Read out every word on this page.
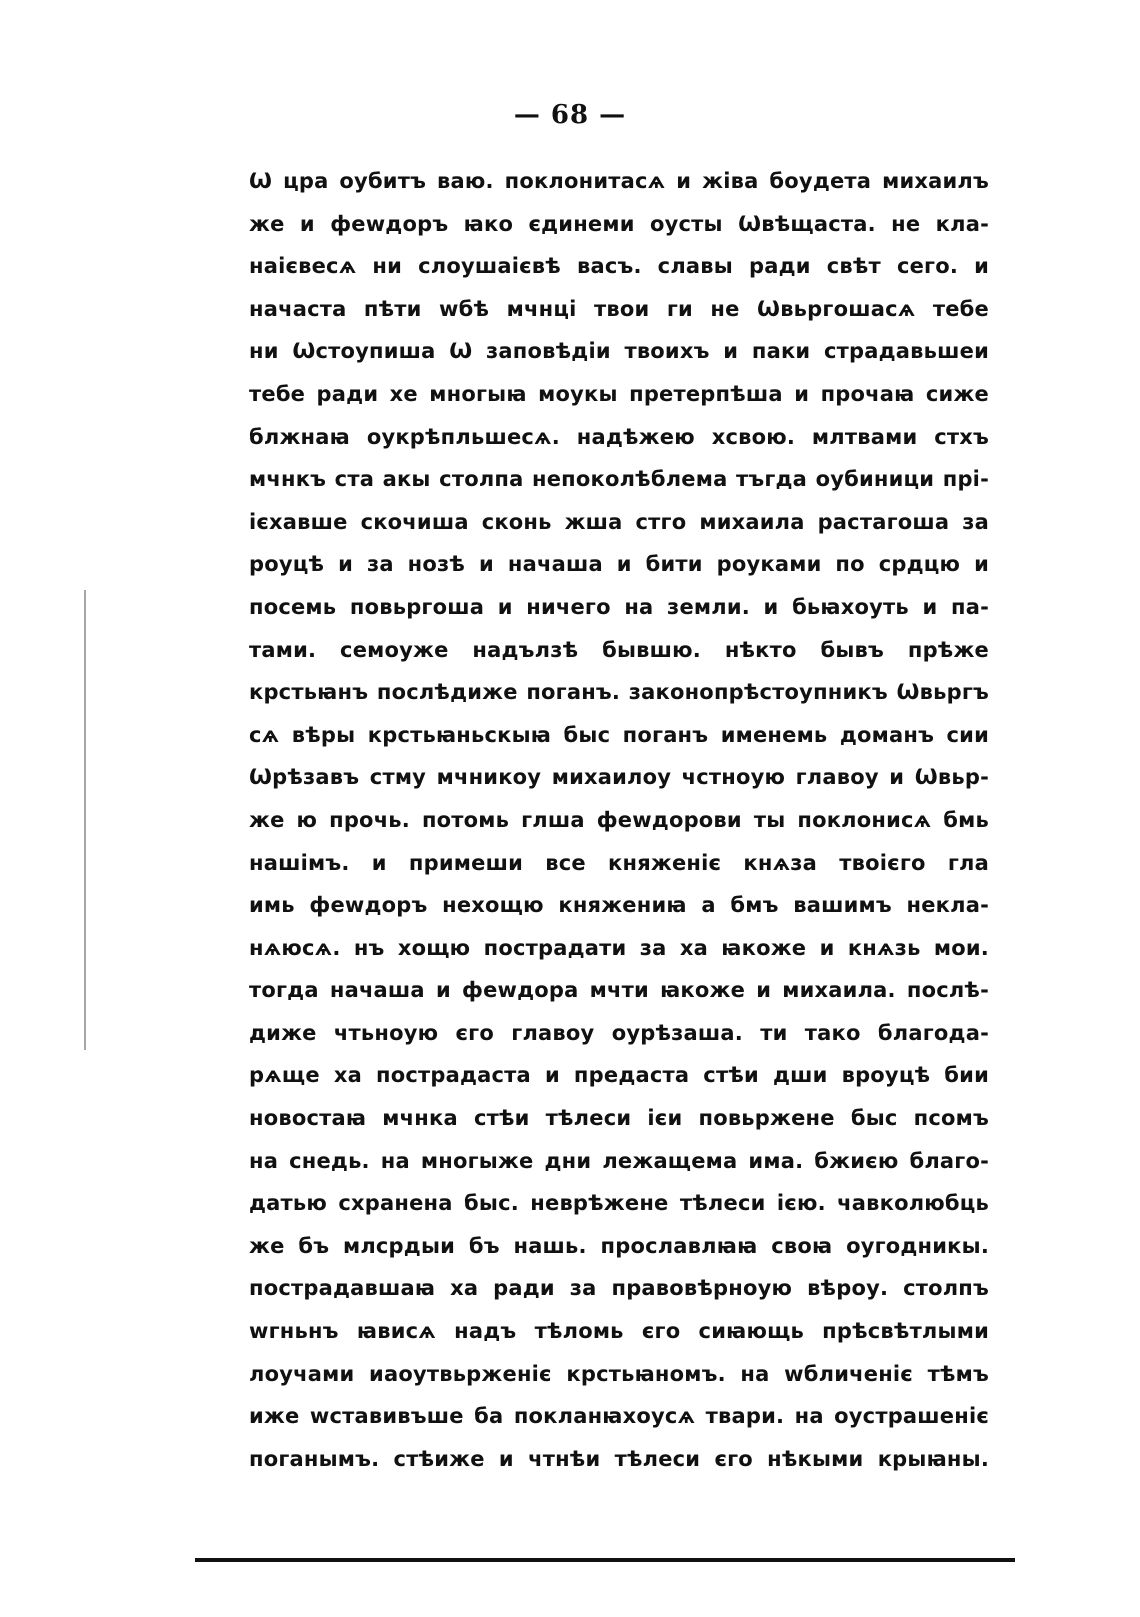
— 68 —
Ѡ цра оубитъ ваю. поклонитасѧ и жіва боудета михаилъ
же и феwдоръ ꙗко єдинеми оусты Ѡвѣщаста. не кла-
наієвесѧ ни слоушаієвѣ васъ. славы ради свѣт сего. и
начаста пѣти wбѣ мчнці твои ги не Ѡвьргошасѧ тебе
ни Ѡстоупиша Ѡ заповѣдіи твоихъ и паки страдавьшеи
тебе ради хе многыꙗ моукы претерпѣша и прочаꙗ сиже
блжнаꙗ оукрѣпльшесѧ. надѣжею хсвою. млтвами стхъ
мчнкъ ста акы столпа непоколѣблема тъгда оубиници прі-
ієхавше скочиша сконь жша стго михаила растагоша за
роуцѣ и за нозѣ и начаша и бити роуками по срдцю и
посемь повьргоша и ничего на земли. и бьꙗхоуть и па-
тами. семоуже надълзѣ бывшю. нѣкто бывъ прѣже
крстьꙗнъ послѣдиже поганъ. законопрѣстоупникъ Ѡвьргъ
сѧ вѣры крстьꙗньскыꙗ быс поганъ именемь доманъ сии
Ѡрѣзавъ стму мчникоу михаилоу чстноую главоу и Ѡвьр-
же ю прочь. потомь глша феwдорови ты поклонисѧ бмь
нашімъ. и примеши все княженіє кнѧза твоієго гла
имь феwдоръ нехощю княжениꙗ а бмъ вашимъ некла-
нѧюсѧ. нъ хощю пострадати за ха ꙗкоже и кнѧзь мои.
тогда начаша и феwдора мчти ꙗкоже и михаила. послѣ-
диже чтьноую єго главоу оурѣзаша. ти тако благода-
рѧще ха пострадаста и предаста стѣи дши вроуцѣ бии
новостаꙗ мчнка стѣи тѣлеси ієи повьржене быс псомъ
на снедь. на многыже дни лежащема има. бжиєю благо-
датью схранена быс. неврѣжене тѣлеси ією. чавколюбць
же бъ млсрдыи бъ нашь. прославлꙗꙗ своꙗ оугодникы.
пострадавшаꙗ ха ради за правовѣрноую вѣроу. столпъ
wгньнъ ꙗвисѧ надъ тѣломь єго сиꙗющь прѣсвѣтлыми
лоучами иаоутвьрженіє крстьꙗномъ. на wбличеніє тѣмъ
иже wставивъше ба покланꙗхоусѧ твари. на оустрашеніє
поганымъ. стѣиже и чтнѣи тѣлеси єго нѣкыми крыꙗны.
